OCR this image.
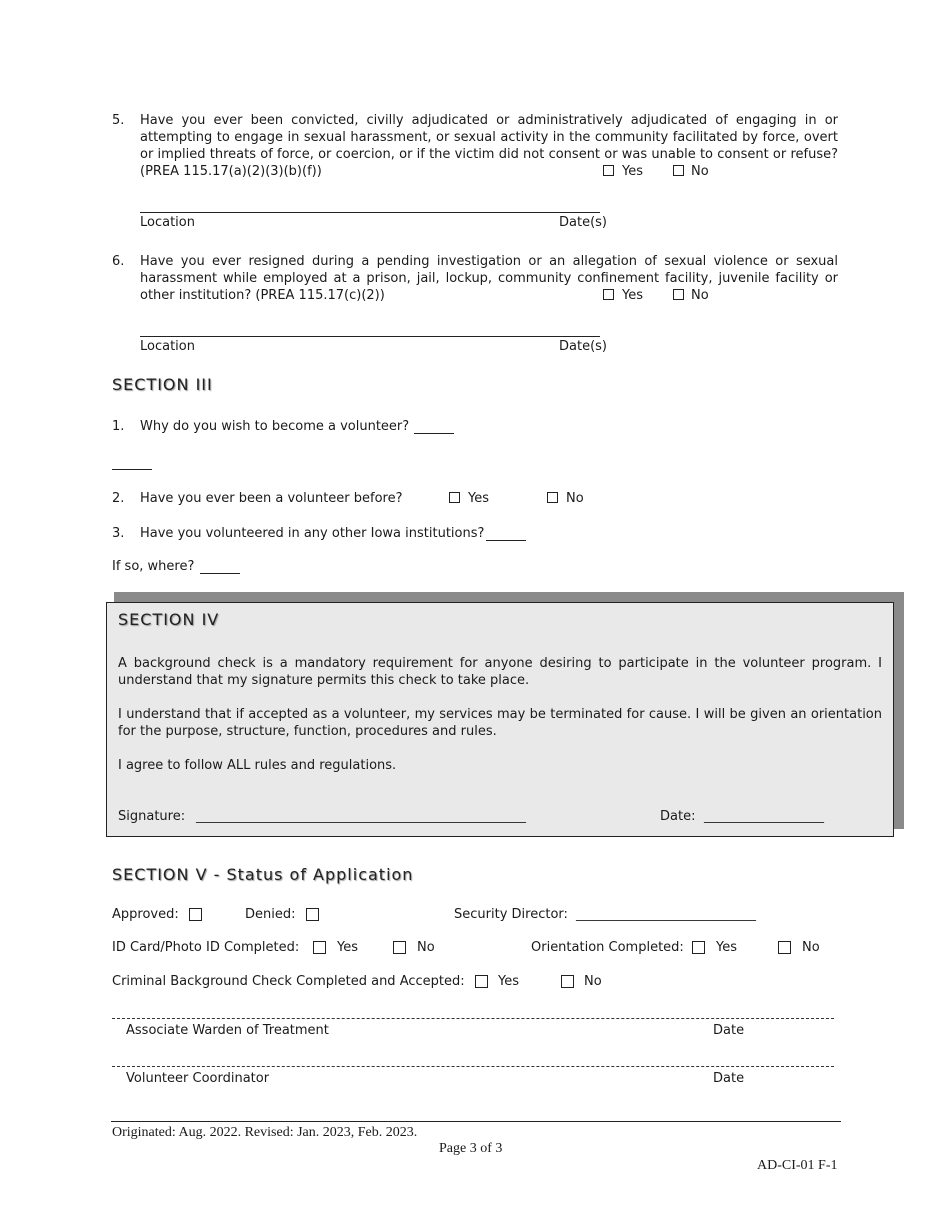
5. Have you ever been convicted, civilly adjudicated or administratively adjudicated of engaging in or attempting to engage in sexual harassment, or sexual activity in the community facilitated by force, overt or implied threats of force, or coercion, or if the victim did not consent or was unable to consent or refuse? (PREA 115.17(a)(2)(3)(b)(f))	Yes	No
Location	Date(s)
6. Have you ever resigned during a pending investigation or an allegation of sexual violence or sexual harassment while employed at a prison, jail, lockup, community confinement facility, juvenile facility or other institution? (PREA 115.17(c)(2))	Yes	No
Location	Date(s)
SECTION III
1. Why do you wish to become a volunteer?
2. Have you ever been a volunteer before?	Yes	No
3. Have you volunteered in any other Iowa institutions?
If so, where?
SECTION IV
A background check is a mandatory requirement for anyone desiring to participate in the volunteer program. I understand that my signature permits this check to take place.
I understand that if accepted as a volunteer, my services may be terminated for cause. I will be given an orientation for the purpose, structure, function, procedures and rules.
I agree to follow ALL rules and regulations.
Signature: _______________________________________________________	Date: ____________________
SECTION V - Status of Application
Approved:	Denied:	Security Director: ______________________________
ID Card/Photo ID Completed:	Yes	No	Orientation Completed: Yes	No
Criminal Background Check Completed and Accepted:	Yes	No
Associate Warden of Treatment	Date
Volunteer Coordinator	Date
Originated: Aug. 2022. Revised: Jan. 2023, Feb. 2023.
Page 3 of 3
AD-CI-01 F-1
